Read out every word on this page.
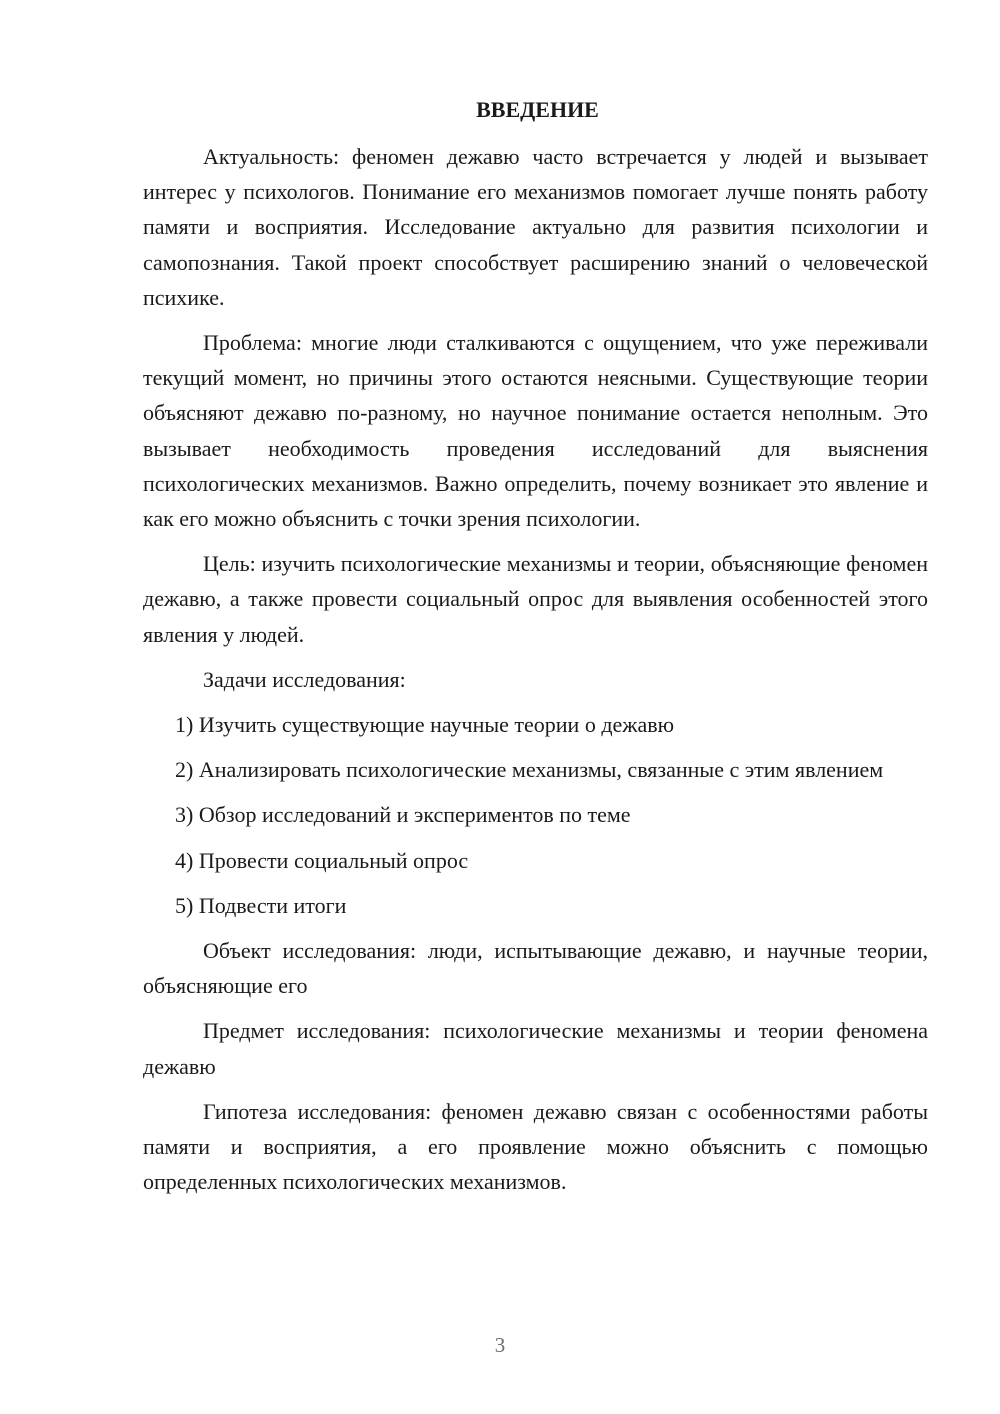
ВВЕДЕНИЕ

Актуальность: феномен дежавю часто встречается у людей и вызывает интерес у психологов. Понимание его механизмов помогает лучше понять работу памяти и восприятия. Исследование актуально для развития психологии и самопознания. Такой проект способствует расширению знаний о человеческой психике.

Проблема: многие люди сталкиваются с ощущением, что уже переживали текущий момент, но причины этого остаются неясными. Существующие теории объясняют дежавю по-разному, но научное понимание остается неполным. Это вызывает необходимость проведения исследований для выяснения психологических механизмов. Важно определить, почему возникает это явление и как его можно объяснить с точки зрения психологии.

Цель: изучить психологические механизмы и теории, объясняющие феномен дежавю, а также провести социальный опрос для выявления особенностей этого явления у людей.

Задачи исследования:

1) Изучить существующие научные теории о дежавю

2) Анализировать психологические механизмы, связанные с этим явлением

3) Обзор исследований и экспериментов по теме

4) Провести социальный опрос

5) Подвести итоги

Объект исследования: люди, испытывающие дежавю, и научные теории, объясняющие его

Предмет исследования: психологические механизмы и теории феномена дежавю

Гипотеза исследования: феномен дежавю связан с особенностями работы памяти и восприятия, а его проявление можно объяснить с помощью определенных психологических механизмов.

3
